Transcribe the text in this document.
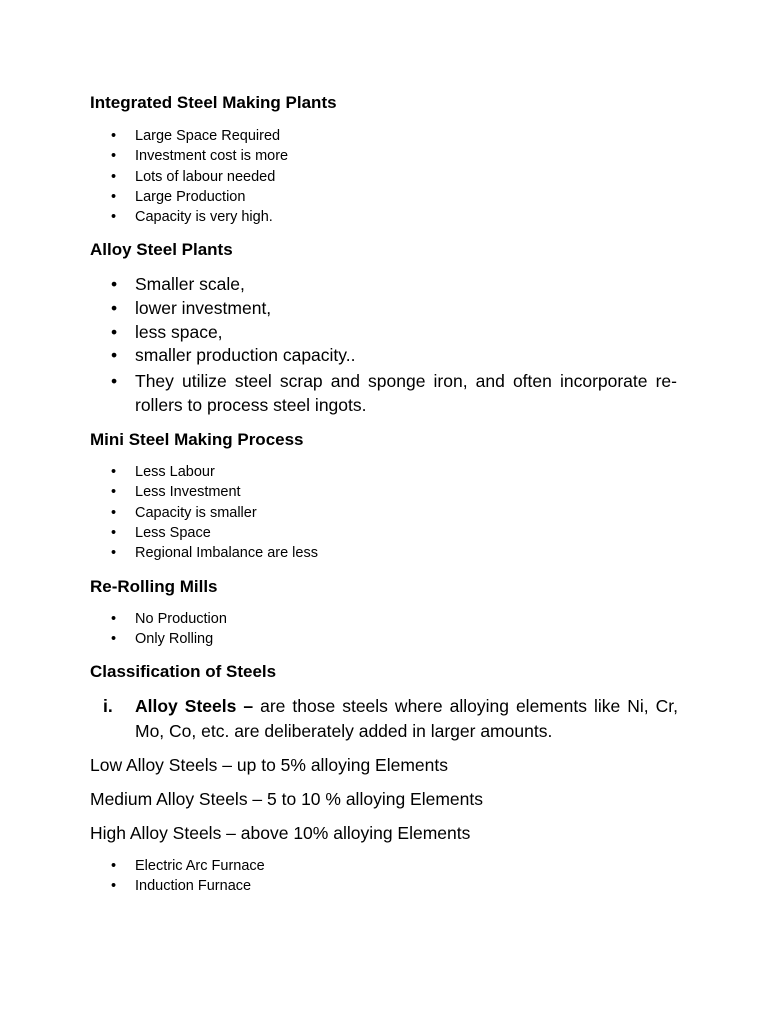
Integrated Steel Making Plants
• Large Space Required
• Investment cost is more
• Lots of labour needed
• Large Production
• Capacity is very high.
Alloy Steel Plants
• Smaller scale,
• lower investment,
• less space,
• smaller production capacity..
• They utilize steel scrap and sponge iron, and often incorporate re-rollers to process steel ingots.
Mini Steel Making Process
• Less Labour
• Less Investment
• Capacity is smaller
• Less Space
• Regional Imbalance are less
Re-Rolling Mills
• No Production
• Only Rolling
Classification of Steels
i. Alloy Steels – are those steels where alloying elements like Ni, Cr, Mo, Co, etc. are deliberately added in larger amounts.
Low Alloy Steels – up to 5% alloying Elements
Medium Alloy Steels – 5 to 10 % alloying Elements
High Alloy Steels – above 10% alloying Elements
• Electric Arc Furnace
• Induction Furnace
